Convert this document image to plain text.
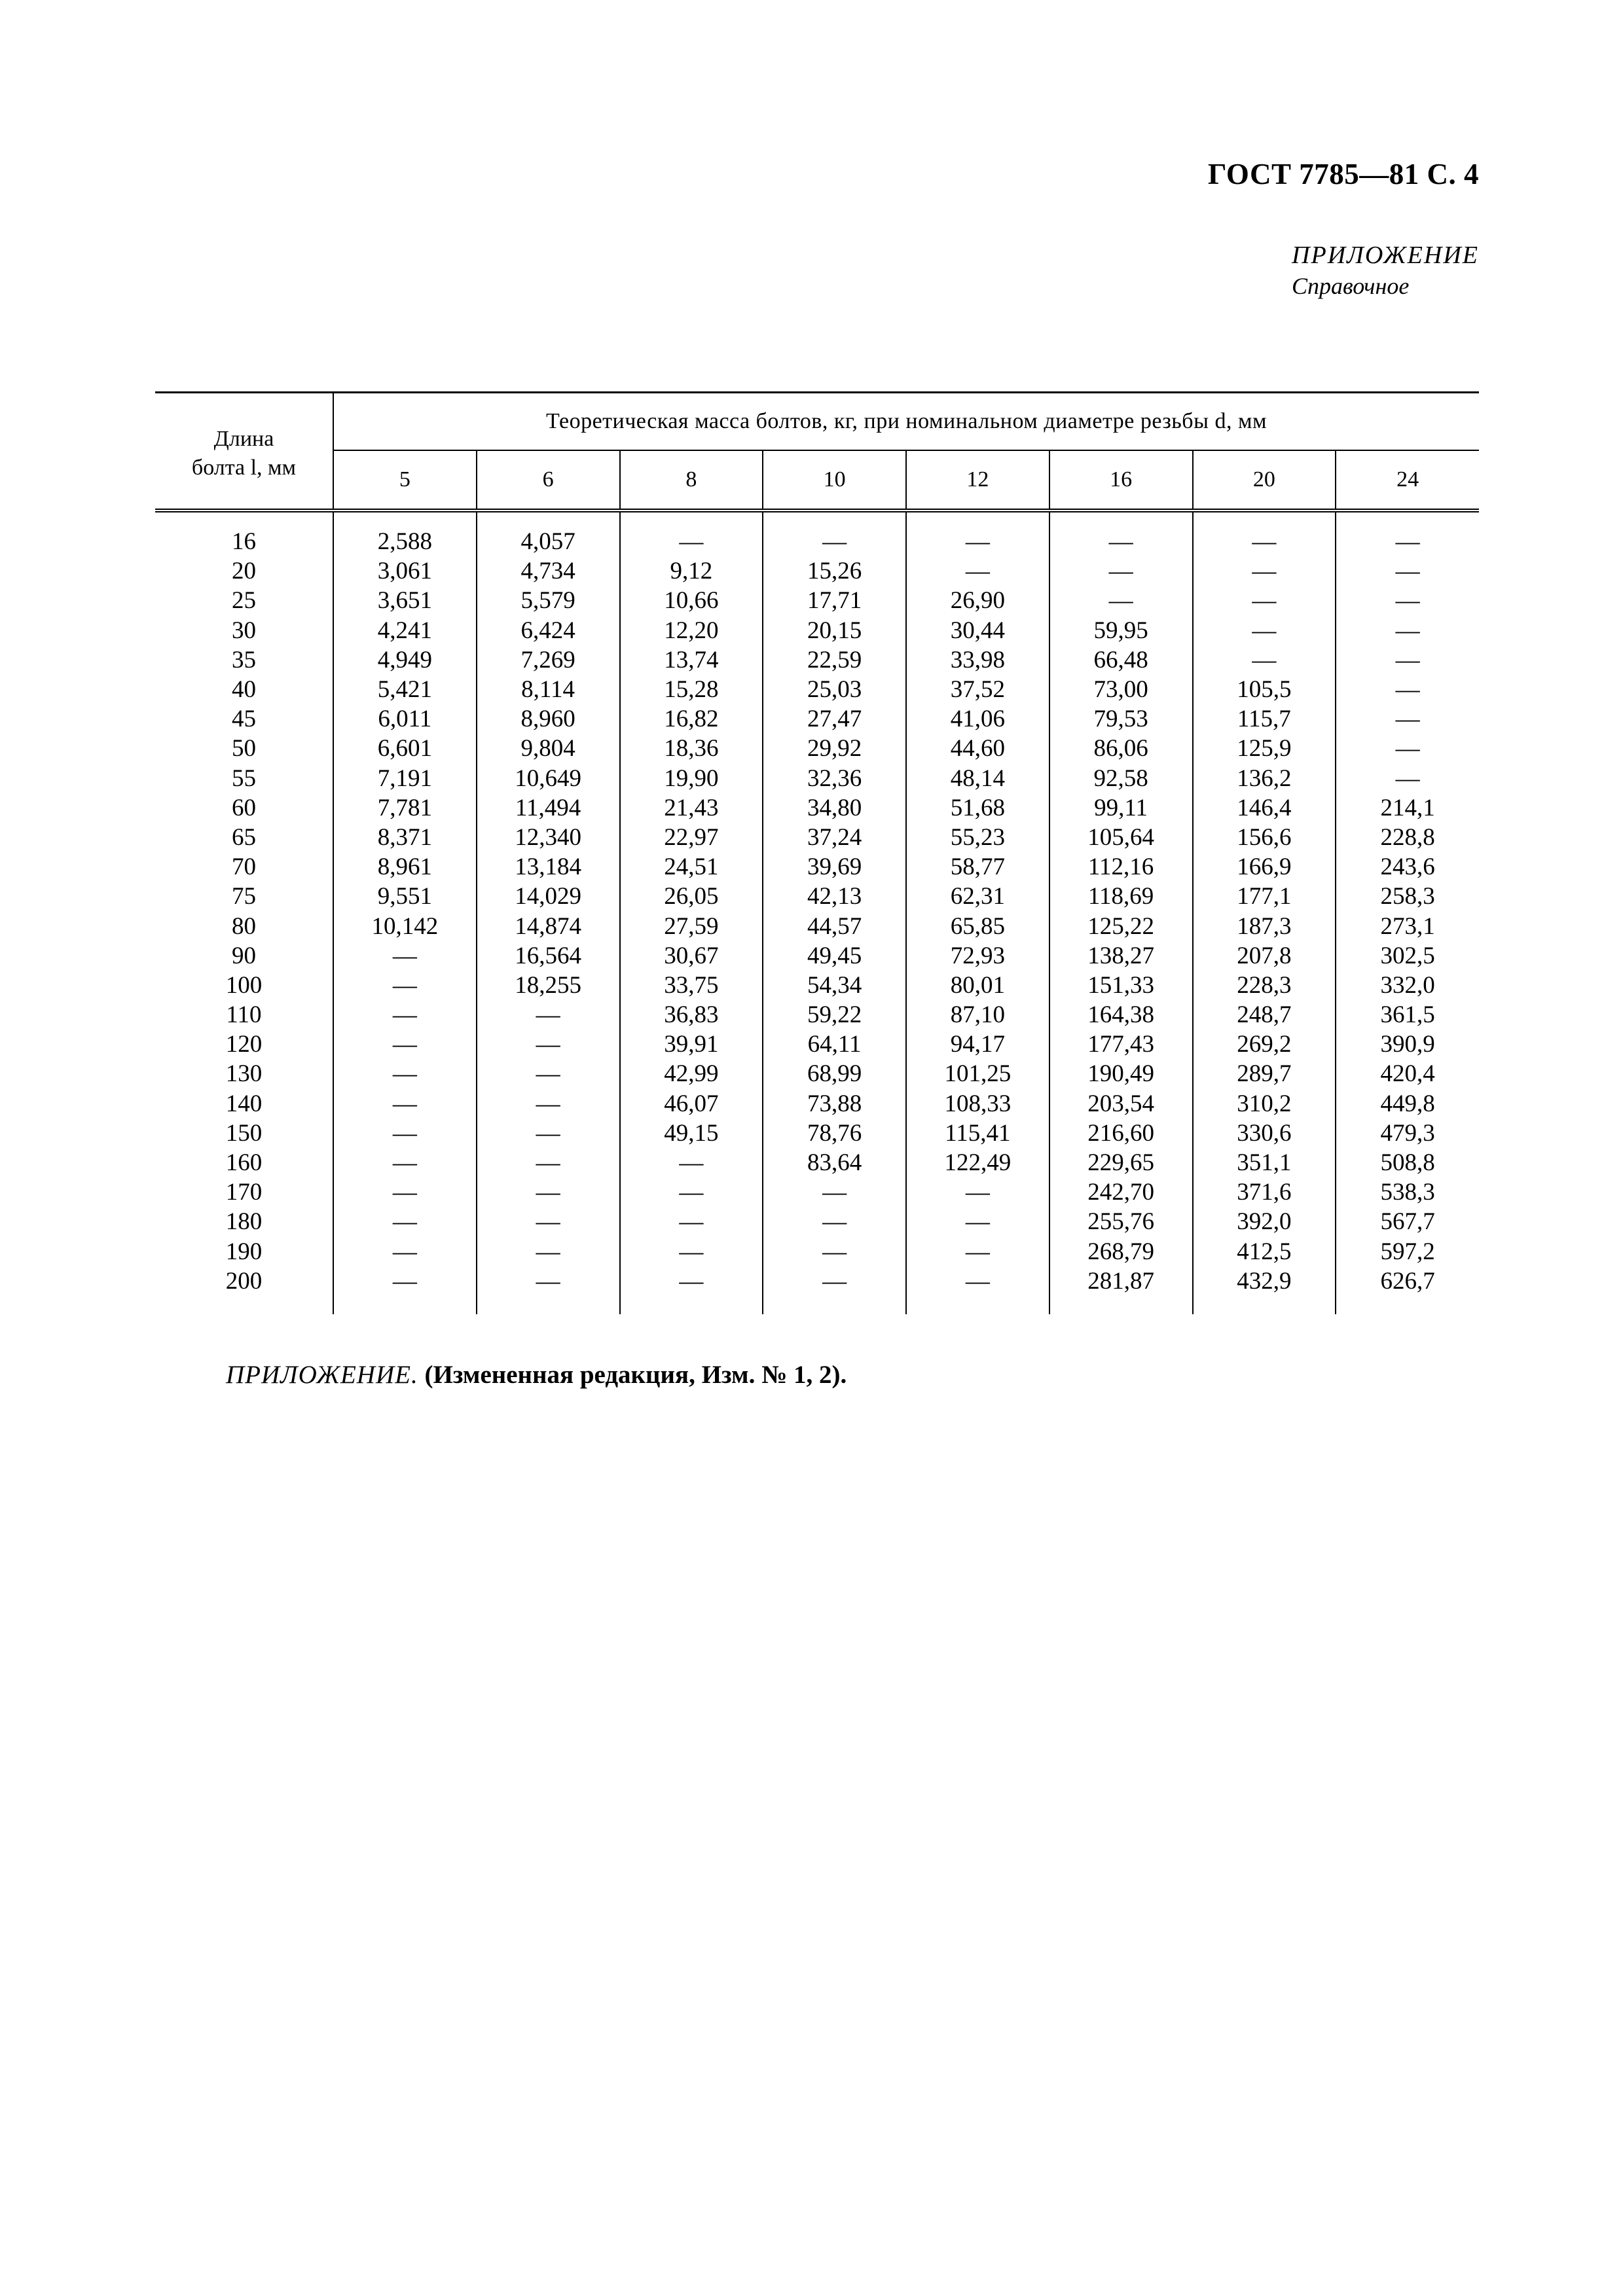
ГОСТ 7785—81 С. 4
ПРИЛОЖЕНИЕ
Справочное
Длина
болта l, мм	Теоретическая масса болтов, кг, при номинальном диаметре резьбы d, мм							
	5	6	8	10	12	16	20	24
16	2,588	4,057	—	—	—	—	—	—
20	3,061	4,734	9,12	15,26	—	—	—	—
25	3,651	5,579	10,66	17,71	26,90	—	—	—
30	4,241	6,424	12,20	20,15	30,44	59,95	—	—
35	4,949	7,269	13,74	22,59	33,98	66,48	—	—
40	5,421	8,114	15,28	25,03	37,52	73,00	105,5	—
45	6,011	8,960	16,82	27,47	41,06	79,53	115,7	—
50	6,601	9,804	18,36	29,92	44,60	86,06	125,9	—
55	7,191	10,649	19,90	32,36	48,14	92,58	136,2	—
60	7,781	11,494	21,43	34,80	51,68	99,11	146,4	214,1
65	8,371	12,340	22,97	37,24	55,23	105,64	156,6	228,8
70	8,961	13,184	24,51	39,69	58,77	112,16	166,9	243,6
75	9,551	14,029	26,05	42,13	62,31	118,69	177,1	258,3
80	10,142	14,874	27,59	44,57	65,85	125,22	187,3	273,1
90	—	16,564	30,67	49,45	72,93	138,27	207,8	302,5
100	—	18,255	33,75	54,34	80,01	151,33	228,3	332,0
110	—	—	36,83	59,22	87,10	164,38	248,7	361,5
120	—	—	39,91	64,11	94,17	177,43	269,2	390,9
130	—	—	42,99	68,99	101,25	190,49	289,7	420,4
140	—	—	46,07	73,88	108,33	203,54	310,2	449,8
150	—	—	49,15	78,76	115,41	216,60	330,6	479,3
160	—	—	—	83,64	122,49	229,65	351,1	508,8
170	—	—	—	—	—	242,70	371,6	538,3
180	—	—	—	—	—	255,76	392,0	567,7
190	—	—	—	—	—	268,79	412,5	597,2
200	—	—	—	—	—	281,87	432,9	626,7
ПРИЛОЖЕНИЕ. (Измененная редакция, Изм. № 1, 2).
